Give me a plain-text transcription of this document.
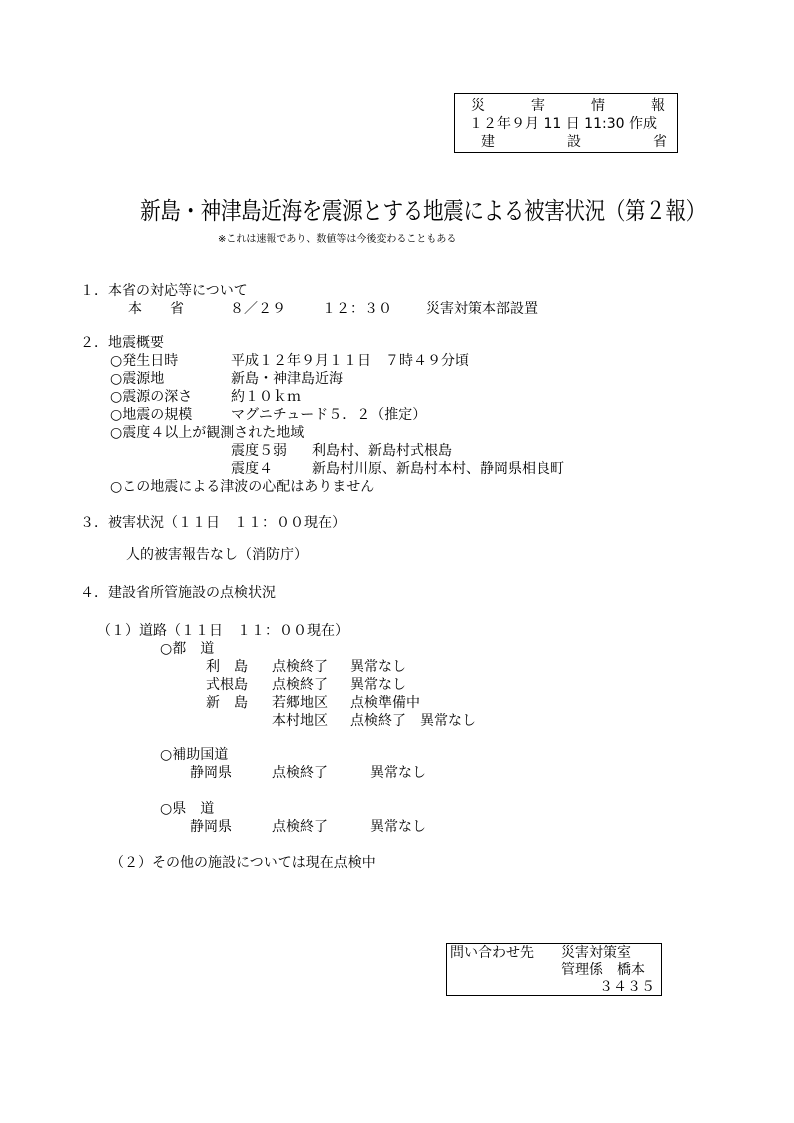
災	害	情	報
１２年９月 11 日 11:30 作成
建	設	省
新島・神津島近海を震源とする地震による被害状況（第２報）
※これは速報であり、数値等は今後変わることもある
１．本省の対応等について
本　　省	８／２９	１２：３０ 災害対策本部設置
２．地震概要
○発生日時	平成１２年９月１１日　７時４９分頃
○震源地	新島・神津島近海
○震源の深さ	約１０ｋｍ
○地震の規模	マグニチュード５．２（推定）
○震度４以上が観測された地域
震度５弱 利島村、新島村式根島
震度４	新島村川原、新島村本村、静岡県相良町
○この地震による津波の心配はありません
３．被害状況（１１日　１１：００現在）
人的被害報告なし（消防庁）
４．建設省所管施設の点検状況
（１）道路（１１日　１１：００現在）
○都　道
利　島 点検終了 異常なし
式根島 点検終了 異常なし
新　島 若郷地区 点検準備中
本村地区 点検終了　異常なし
○補助国道
静岡県	点検終了	異常なし
○県　道
静岡県	点検終了	異常なし
（２）その他の施設については現在点検中
問い合わせ先 災害対策室
管理係　橋本
３４３５
